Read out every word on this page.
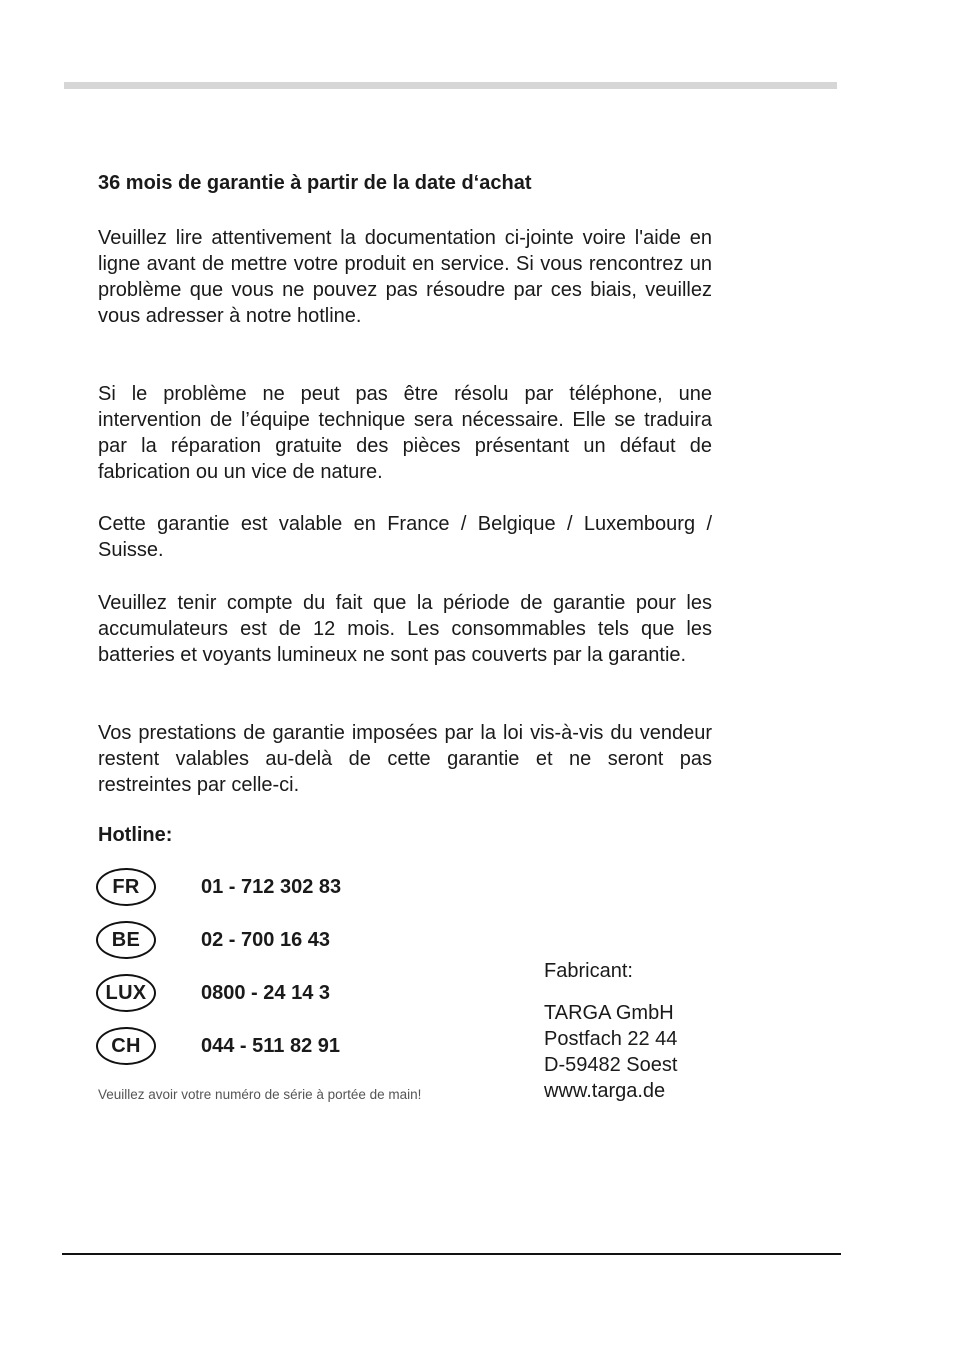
36 mois de garantie à partir de la date d‘achat

Veuillez lire attentivement la documentation ci-jointe voire l'aide en ligne avant de mettre votre produit en service. Si vous rencontrez un problème que vous ne pouvez pas résoudre par ces biais, veuillez vous adresser à notre hotline.

Si le problème ne peut pas être résolu par téléphone, une intervention de l’équipe technique sera nécessaire. Elle se traduira par la réparation gratuite des pièces présentant un défaut de fabrication ou un vice de nature.

Cette garantie est valable en France / Belgique / Luxembourg / Suisse.

Veuillez tenir compte du fait que la période de garantie pour les accumulateurs est de 12 mois. Les consommables tels que les batteries et voyants lumineux ne sont pas couverts par la garantie.

Vos prestations de garantie imposées par la loi vis-à-vis du vendeur restent valables au-delà de cette garantie et ne seront pas restreintes par celle-ci.

Hotline:
FR	01 - 712 302 83
BE	02 - 700 16 43
LUX	0800 - 24 14 3
CH	044 - 511 82 91
Veuillez avoir votre numéro de série à portée de main!
Fabricant:
TARGA GmbH
Postfach 22 44
D-59482 Soest
www.targa.de
